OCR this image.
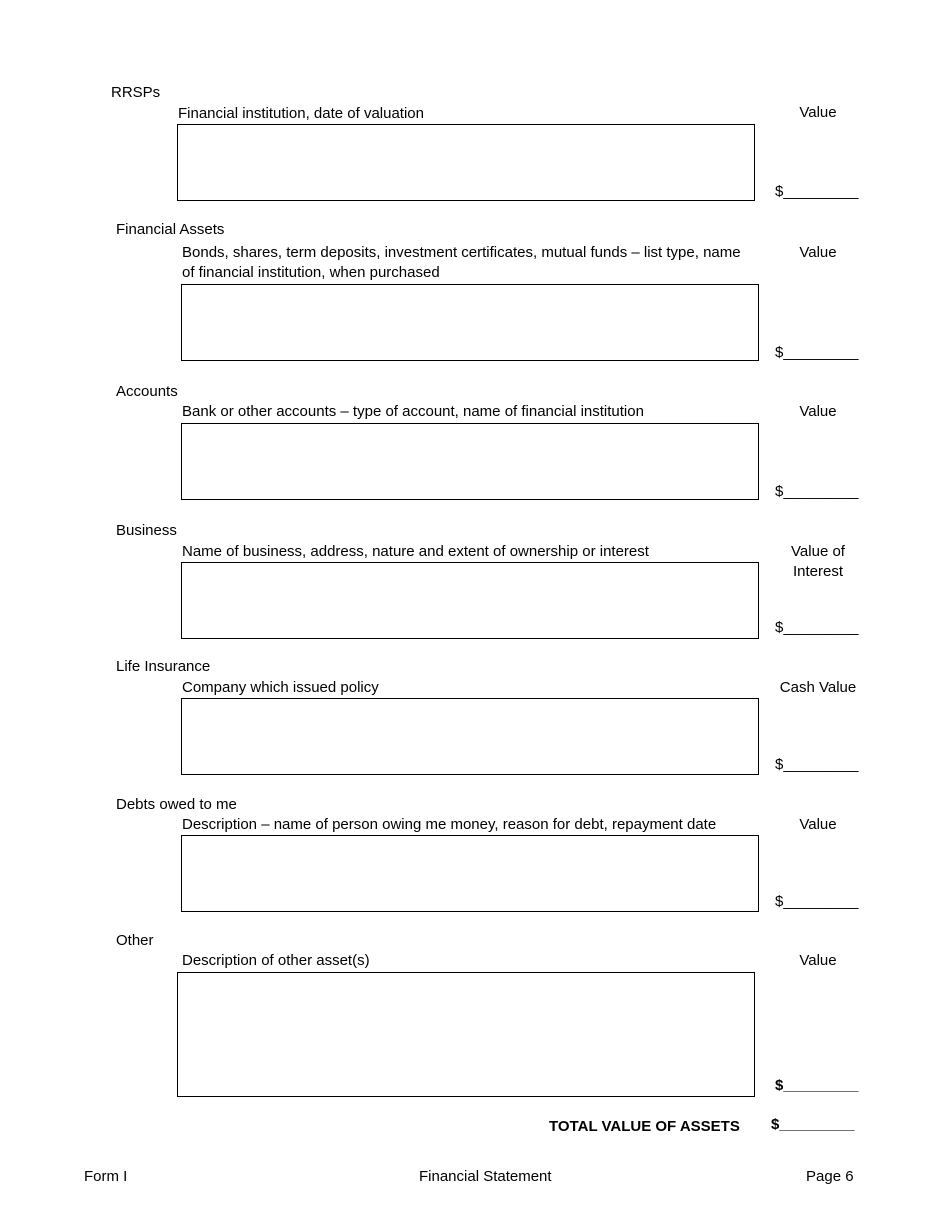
RRSPs
Financial institution, date of valuation	Value
$_________
Financial Assets
Bonds, shares, term deposits, investment certificates, mutual funds – list type, name of financial institution, when purchased
Value
$_________
Accounts
Bank or other accounts – type of account, name of financial institution	Value
$_________
Business
Name of business, address, nature and extent of ownership or interest	Value of Interest
$_________
Life Insurance
Company which issued policy	Cash Value
$_________
Debts owed to me
Description – name of person owing me money, reason for debt, repayment date	Value
$_________
Other
Description of other asset(s)	Value
$_________
TOTAL VALUE OF ASSETS $_________
Form I	Financial Statement	Page 6
